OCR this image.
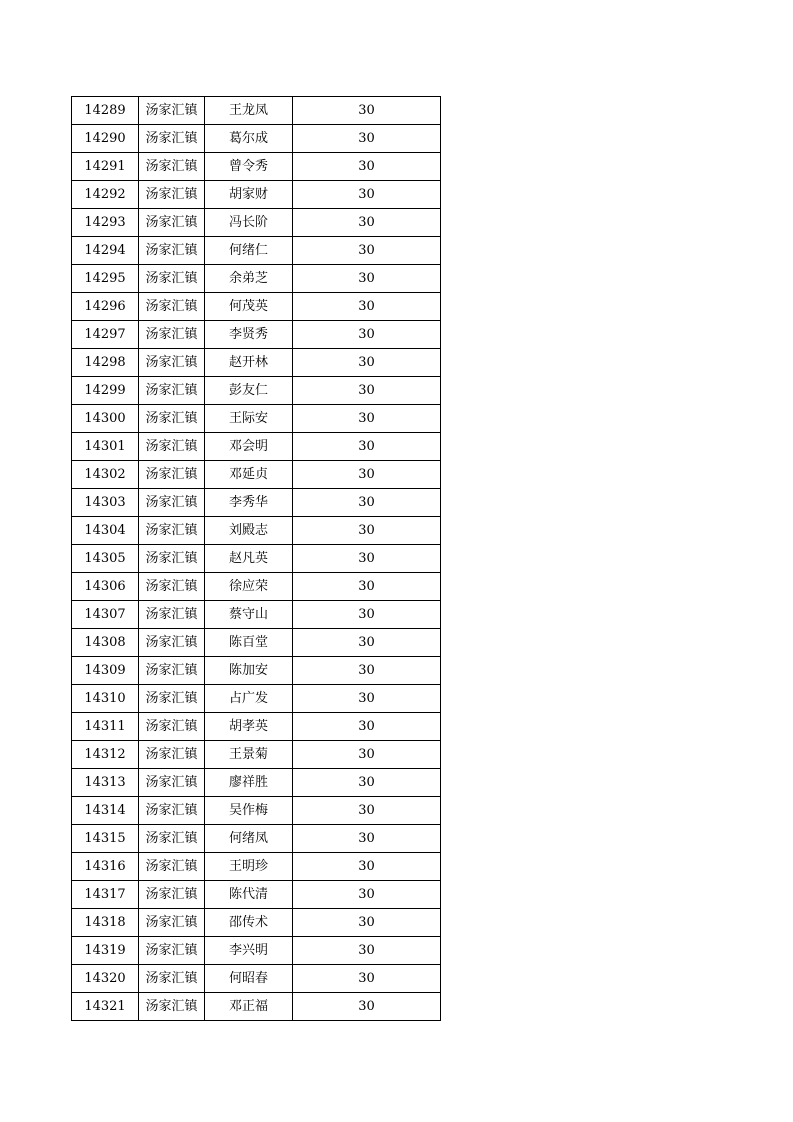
14289	汤家汇镇	王龙凤	30
14290	汤家汇镇	葛尔成	30
14291	汤家汇镇	曾令秀	30
14292	汤家汇镇	胡家财	30
14293	汤家汇镇	冯长阶	30
14294	汤家汇镇	何绪仁	30
14295	汤家汇镇	余弟芝	30
14296	汤家汇镇	何茂英	30
14297	汤家汇镇	李贤秀	30
14298	汤家汇镇	赵开林	30
14299	汤家汇镇	彭友仁	30
14300	汤家汇镇	王际安	30
14301	汤家汇镇	邓会明	30
14302	汤家汇镇	邓延贞	30
14303	汤家汇镇	李秀华	30
14304	汤家汇镇	刘殿志	30
14305	汤家汇镇	赵凡英	30
14306	汤家汇镇	徐应荣	30
14307	汤家汇镇	蔡守山	30
14308	汤家汇镇	陈百堂	30
14309	汤家汇镇	陈加安	30
14310	汤家汇镇	占广发	30
14311	汤家汇镇	胡孝英	30
14312	汤家汇镇	王景菊	30
14313	汤家汇镇	廖祥胜	30
14314	汤家汇镇	吴作梅	30
14315	汤家汇镇	何绪凤	30
14316	汤家汇镇	王明珍	30
14317	汤家汇镇	陈代清	30
14318	汤家汇镇	邵传术	30
14319	汤家汇镇	李兴明	30
14320	汤家汇镇	何昭春	30
14321	汤家汇镇	邓正福	30
